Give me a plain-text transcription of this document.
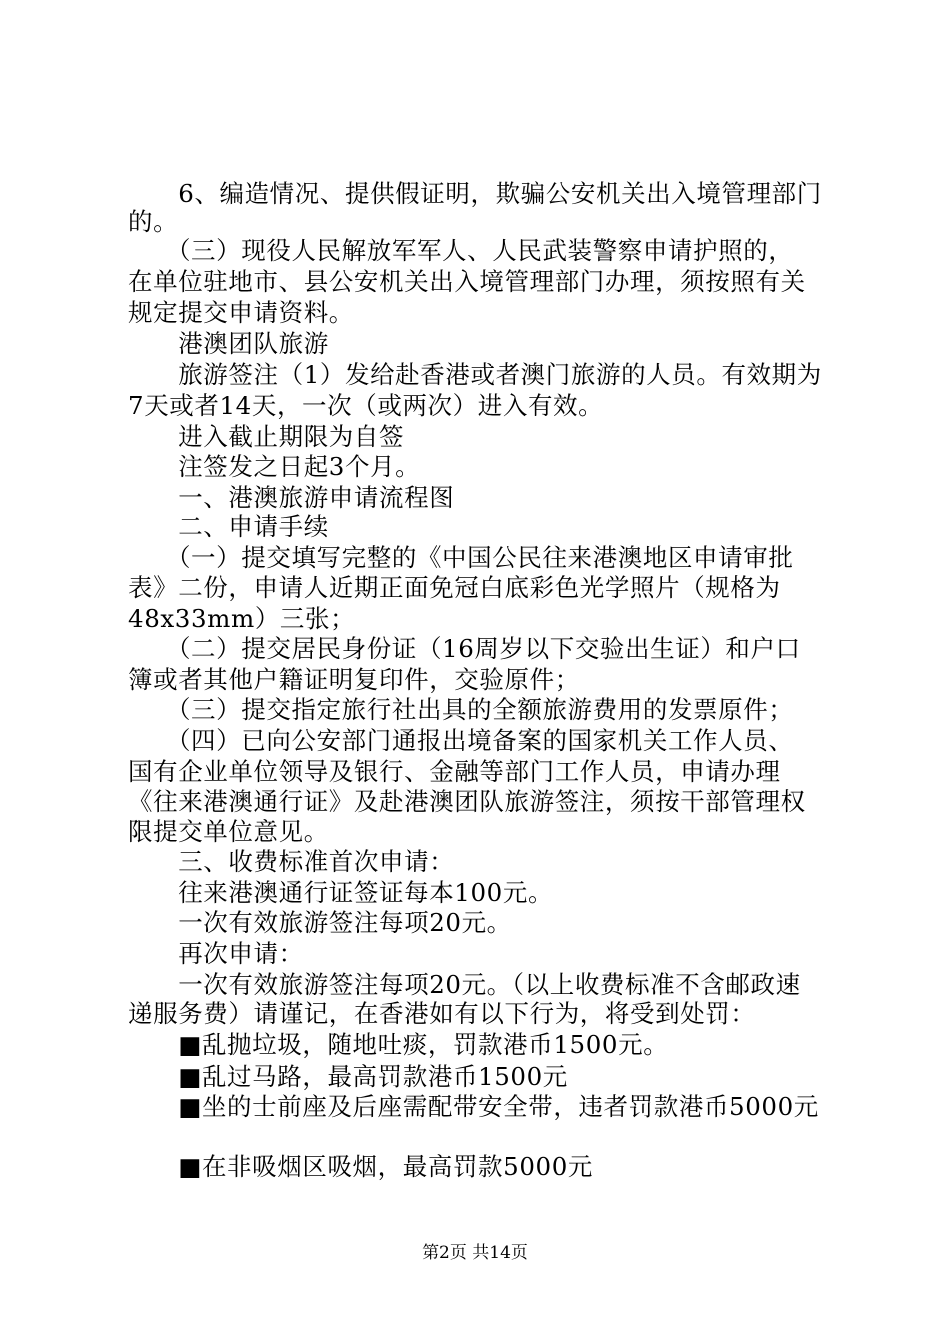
　　6、编造情况、提供假证明，欺骗公安机关出入境管理部门
的。
　　（三）现役人民解放军军人、人民武装警察申请护照的，
在单位驻地市、县公安机关出入境管理部门办理，须按照有关
规定提交申请资料。
　　港澳团队旅游
　　旅游签注（1）发给赴香港或者澳门旅游的人员。有效期为
7天或者14天，一次（或两次）进入有效。
　　进入截止期限为自签
　　注签发之日起3个月。
　　一、港澳旅游申请流程图
　　二、申请手续
　　（一）提交填写完整的《中国公民往来港澳地区申请审批
表》二份，申请人近期正面免冠白底彩色光学照片（规格为
48x33mm）三张；
　　（二）提交居民身份证（16周岁以下交验出生证）和户口
簿或者其他户籍证明复印件，交验原件；
　　（三）提交指定旅行社出具的全额旅游费用的发票原件；
　　（四）已向公安部门通报出境备案的国家机关工作人员、
国有企业单位领导及银行、金融等部门工作人员，申请办理
《往来港澳通行证》及赴港澳团队旅游签注，须按干部管理权
限提交单位意见。
　　三、收费标准首次申请：
　　往来港澳通行证签证每本100元。
　　一次有效旅游签注每项20元。
　　再次申请：
　　一次有效旅游签注每项20元。（以上收费标准不含邮政速
递服务费）请谨记，在香港如有以下行为，将受到处罚：
　　■乱抛垃圾，随地吐痰，罚款港币1500元。
　　■乱过马路，最高罚款港币1500元
　　■坐的士前座及后座需配带安全带，违者罚款港币5000元
　　■在非吸烟区吸烟，最高罚款5000元
第2页 共14页
